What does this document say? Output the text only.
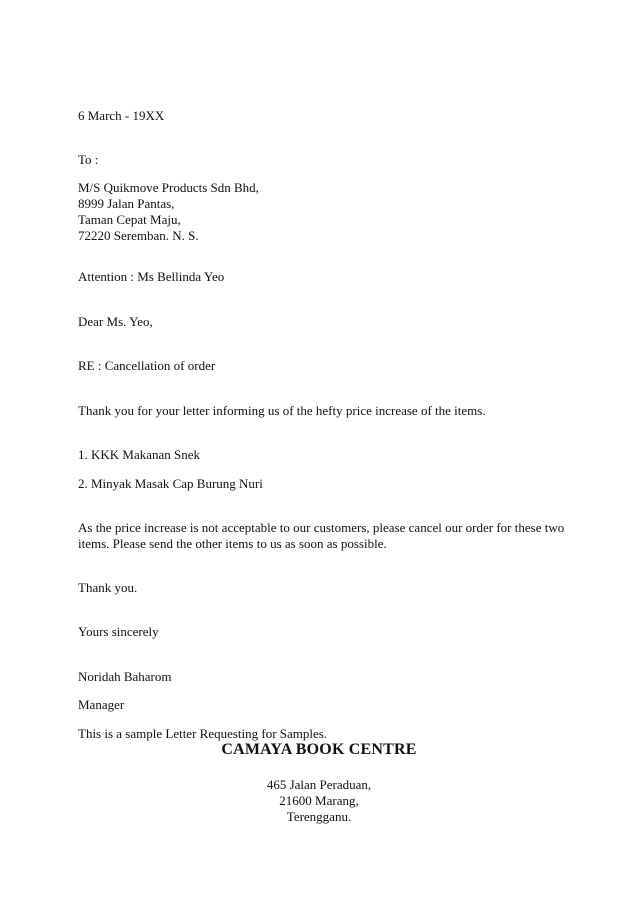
6 March - 19XX
To :
M/S Quikmove Products Sdn Bhd,
8999 Jalan Pantas,
Taman Cepat Maju,
72220 Seremban. N. S.
Attention : Ms Bellinda Yeo
Dear Ms. Yeo,
RE : Cancellation of order
Thank you for your letter informing us of the hefty price increase of the items.
1. KKK Makanan Snek
2. Minyak Masak Cap Burung Nuri
As the price increase is not acceptable to our customers, please cancel our order for these two
items. Please send the other items to us as soon as possible.
Thank you.
Yours sincerely
Noridah Baharom
Manager
This is a sample Letter Requesting for Samples.
CAMAYA BOOK CENTRE
465 Jalan Peraduan,
21600 Marang,
Terengganu.
